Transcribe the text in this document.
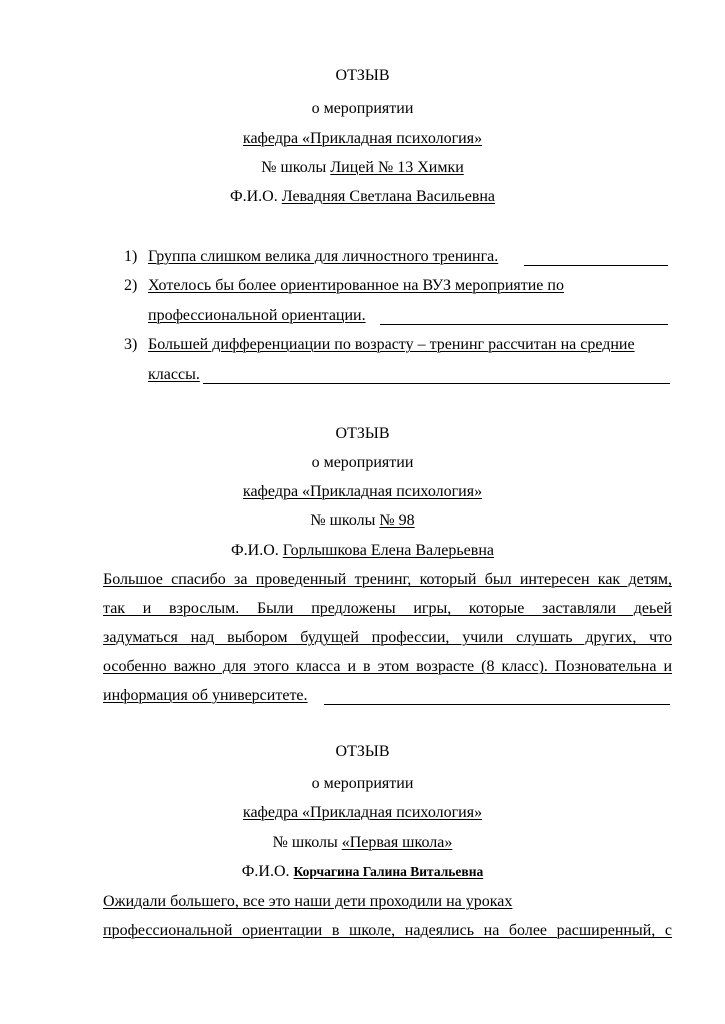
ОТЗЫВ
о мероприятии
кафедра «Прикладная психология»
№ школы Лицей № 13 Химки
Ф.И.О. Левадняя Светлана Васильевна
1) Группа слишком велика для личностного тренинга.
2) Хотелось бы более ориентированное на ВУЗ мероприятие по
профессиональной ориентации.
3) Большей дифференциации по возрасту – тренинг рассчитан на средние
классы.
ОТЗЫВ
о мероприятии
кафедра «Прикладная психология»
№ школы № 98
Ф.И.О. Горлышкова Елена Валерьевна
Большое спасибо за проведенный тренинг, который был интересен как детям,
так и взрослым. Были предложены игры, которые заставляли деьей
задуматься над выбором будущей профессии, учили слушать других, что
особенно важно для этого класса и в этом возрасте (8 класс). Позновательна и
информация об университете.
ОТЗЫВ
о мероприятии
кафедра «Прикладная психология»
№ школы «Первая школа»
Ф.И.О. Корчагина Галина Витальевна
Ожидали большего, все это наши дети проходили на уроках
профессиональной ориентации в школе, надеялись на более расширенный, с
